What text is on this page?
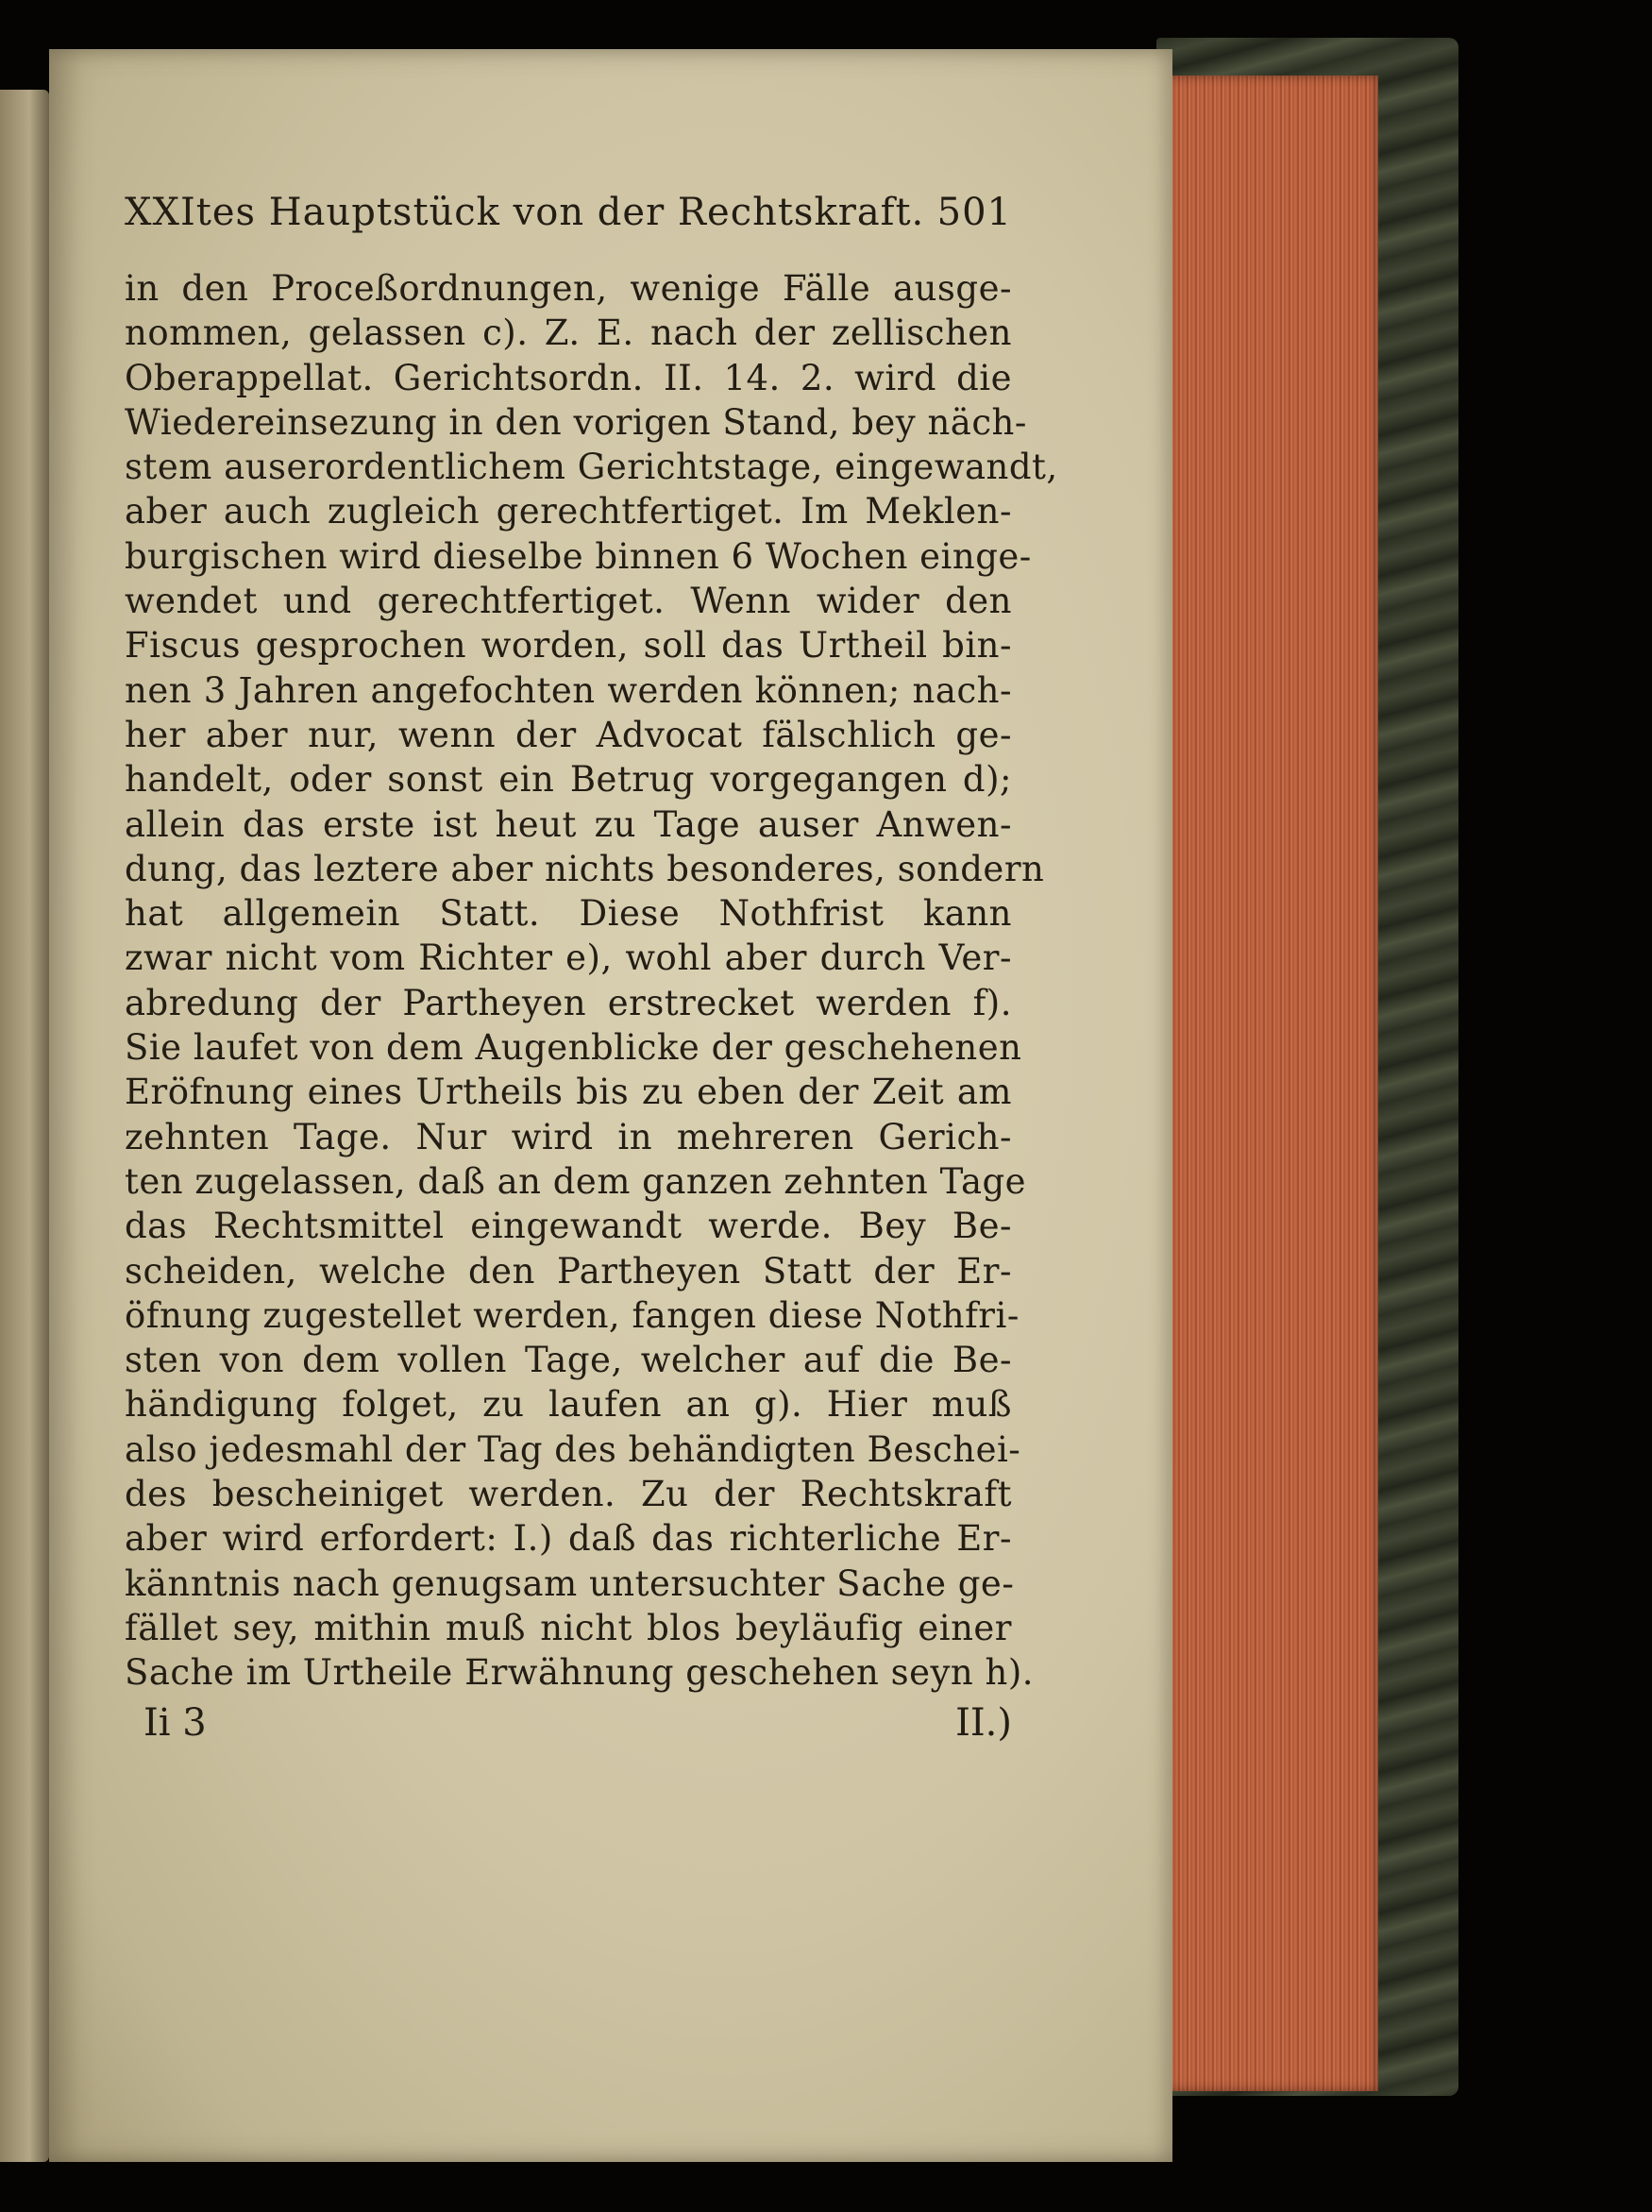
XXItes Hauptstück von der Rechtskraft. 501
in den Proceßordnungen, wenige Fälle ausge-
nommen, gelassen c). Z. E. nach der zellischen
Oberappellat. Gerichtsordn. II. 14. 2. wird die
Wiedereinsezung in den vorigen Stand, bey näch-
stem auserordentlichem Gerichtstage, eingewandt,
aber auch zugleich gerechtfertiget. Im Meklen-
burgischen wird dieselbe binnen 6 Wochen einge-
wendet und gerechtfertiget. Wenn wider den
Fiscus gesprochen worden, soll das Urtheil bin-
nen 3 Jahren angefochten werden können; nach-
her aber nur, wenn der Advocat fälschlich ge-
handelt, oder sonst ein Betrug vorgegangen d);
allein das erste ist heut zu Tage auser Anwen-
dung, das leztere aber nichts besonderes, sondern
hat allgemein Statt. Diese Nothfrist kann
zwar nicht vom Richter e), wohl aber durch Ver-
abredung der Partheyen erstrecket werden f).
Sie laufet von dem Augenblicke der geschehenen
Eröfnung eines Urtheils bis zu eben der Zeit am
zehnten Tage. Nur wird in mehreren Gerich-
ten zugelassen, daß an dem ganzen zehnten Tage
das Rechtsmittel eingewandt werde. Bey Be-
scheiden, welche den Partheyen Statt der Er-
öfnung zugestellet werden, fangen diese Nothfri-
sten von dem vollen Tage, welcher auf die Be-
händigung folget, zu laufen an g). Hier muß
also jedesmahl der Tag des behändigten Beschei-
des bescheiniget werden. Zu der Rechtskraft
aber wird erfordert: I.) daß das richterliche Er-
känntnis nach genugsam untersuchter Sache ge-
fället sey, mithin muß nicht blos beyläufig einer
Sache im Urtheile Erwähnung geschehen seyn h).
Ii 3	II.)
